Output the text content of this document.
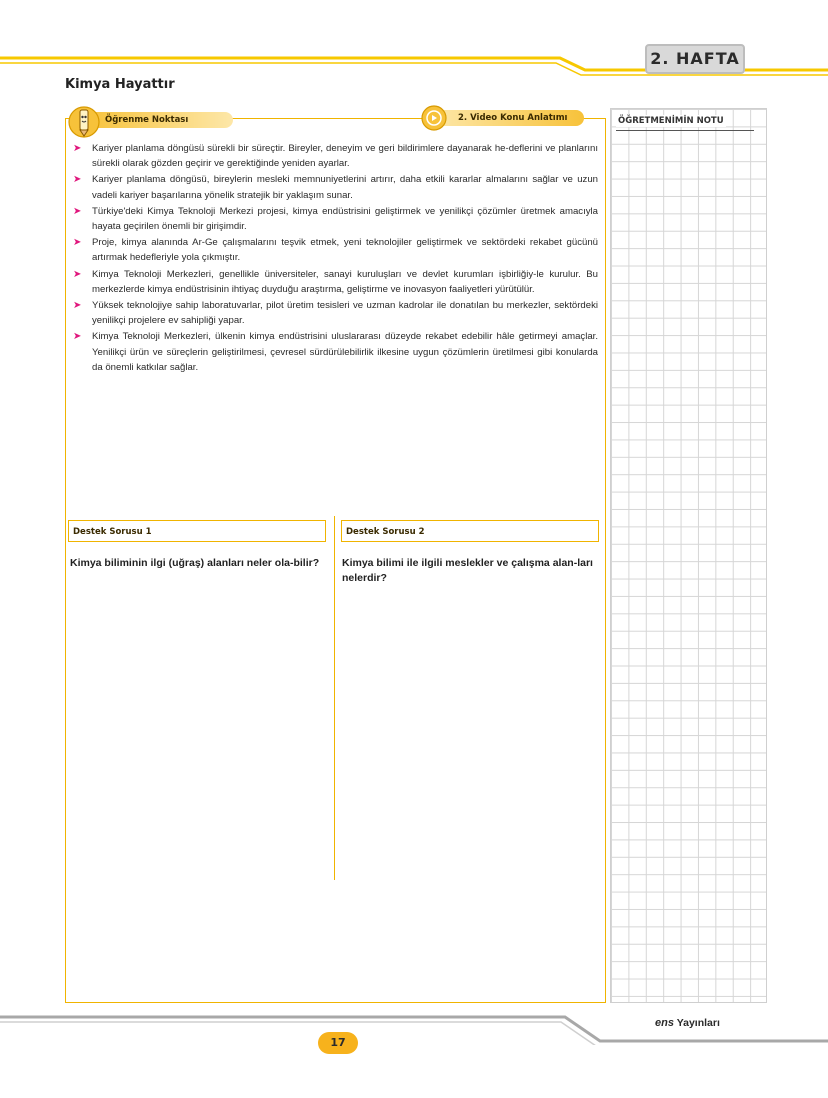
2. HAFTA
Kimya Hayattır
Öğrenme Noktası	2. Video Konu Anlatımı
➤ Kariyer planlama döngüsü sürekli bir süreçtir. Bireyler, deneyim ve geri bildirimlere dayanarak he-deflerini ve planlarını sürekli olarak gözden geçirir ve gerektiğinde yeniden ayarlar.
➤ Kariyer planlama döngüsü, bireylerin mesleki memnuniyetlerini artırır, daha etkili kararlar almalarını sağlar ve uzun vadeli kariyer başarılarına yönelik stratejik bir yaklaşım sunar.
➤ Türkiye'deki Kimya Teknoloji Merkezi projesi, kimya endüstrisini geliştirmek ve yenilikçi çözümler üretmek amacıyla hayata geçirilen önemli bir girişimdir.
➤ Proje, kimya alanında Ar-Ge çalışmalarını teşvik etmek, yeni teknolojiler geliştirmek ve sektördeki rekabet gücünü artırmak hedefleriyle yola çıkmıştır.
➤ Kimya Teknoloji Merkezleri, genellikle üniversiteler, sanayi kuruluşları ve devlet kurumları işbirliğiy-le kurulur. Bu merkezlerde kimya endüstrisinin ihtiyaç duyduğu araştırma, geliştirme ve inovasyon faaliyetleri yürütülür.
➤ Yüksek teknolojiye sahip laboratuvarlar, pilot üretim tesisleri ve uzman kadrolar ile donatılan bu merkezler, sektördeki yenilikçi projelere ev sahipliği yapar.
➤ Kimya Teknoloji Merkezleri, ülkenin kimya endüstrisini uluslararası düzeyde rekabet edebilir hâle getirmeyi amaçlar. Yenilikçi ürün ve süreçlerin geliştirilmesi, çevresel sürdürülebilirlik ilkesine uygun çözümlerin üretilmesi gibi konularda da önemli katkılar sağlar.
Destek Sorusu 1
Kimya biliminin ilgi (uğraş) alanları neler ola-bilir?
Destek Sorusu 2
Kimya bilimi ile ilgili meslekler ve çalışma alan-ları nelerdir?
ÖĞRETMENİMİN NOTU
17
ens Yayınları
